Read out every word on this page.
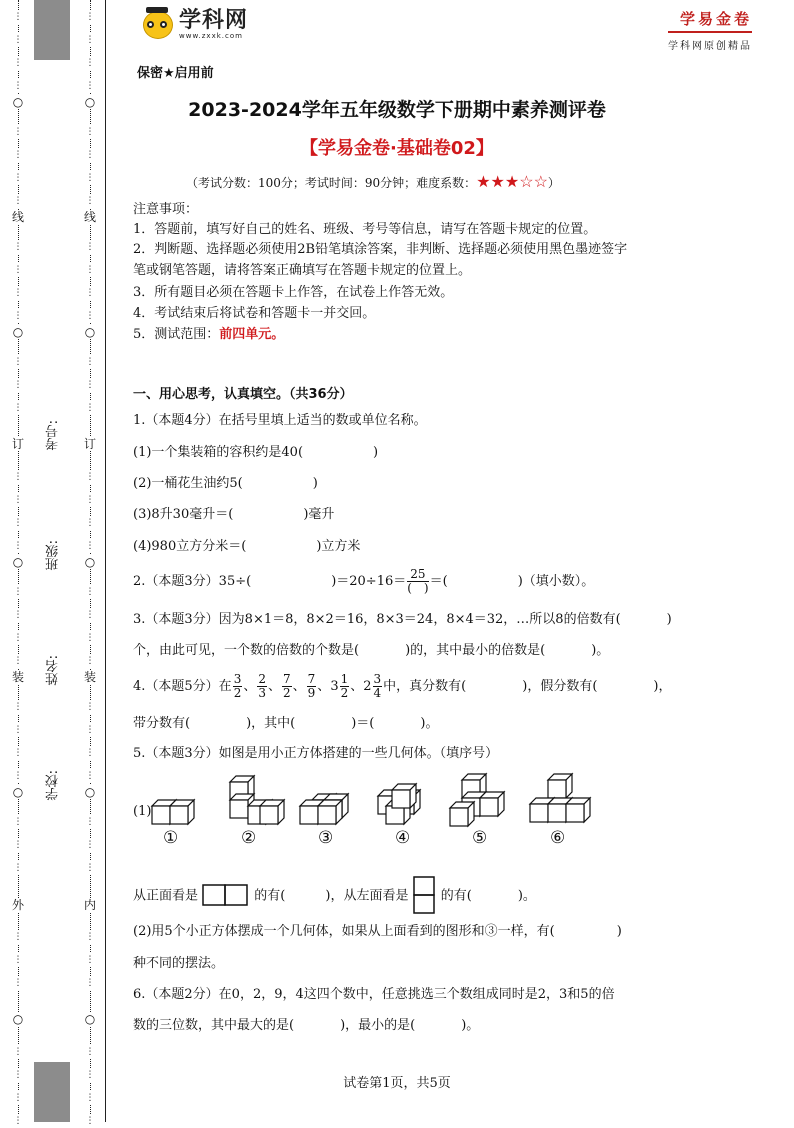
○
线
○
订
○
装
○
外
○
⋮
⋮
⋮
⋮
⋮
⋮
⋮
⋮
⋮
⋮
⋮
⋮
⋮
⋮
⋮
⋮
⋮
⋮
⋮
⋮
⋮
⋮
⋮
⋮
⋮
⋮
⋮
⋮
⋮
⋮
⋮
⋮
⋮
⋮
⋮
⋮
⋮
○
线
○
订
○
装
○
内
○
⋮
⋮
⋮
⋮
⋮
⋮
⋮
⋮
⋮
⋮
⋮
⋮
⋮
⋮
⋮
⋮
⋮
⋮
⋮
⋮
⋮
⋮
⋮
⋮
⋮
⋮
⋮
⋮
⋮
⋮
⋮
⋮
⋮
⋮
⋮
⋮
⋮
考号:
班级:
姓名:
学校:
学科网
www.zxxk.com
学易金卷
学科网原创精品
保密★启用前
2023-2024学年五年级数学下册期中素养测评卷
【学易金卷·基础卷02】
（考试分数：100分；考试时间：90分钟；难度系数：★★★☆☆）
注意事项：
1．答题前，填写好自己的姓名、班级、考号等信息，请写在答题卡规定的位置。
2．判断题、选择题必须使用2B铅笔填涂答案，非判断、选择题必须使用黑色墨迹签字
笔或钢笔答题，请将答案正确填写在答题卡规定的位置上。
3．所有题目必须在答题卡上作答，在试卷上作答无效。
4．考试结束后将试卷和答题卡一并交回。
5．测试范围：前四单元。
一、用心思考，认真填空。（共36分）
1.（本题4分）在括号里填上适当的数或单位名称。
(1)一个集装箱的容积约是40(	)
(2)一桶花生油约5(	)
(3)8升30毫升＝(	)毫升
(4)980立方分米＝(	)立方米
2.（本题3分）35÷(	)$=20\div 16= \frac{25}{( )}$ ＝(	)（填小数）。
3.（本题3分）因为8×1＝8，8×2＝16，8×3＝24，8×4＝32，…所以8的倍数有(	)
个，由此可见，一个数的倍数的个数是(	)的，其中最小的倍数是(	)。
4.（本题5分）在 $\frac{3}{2}$ 、 $\frac{2}{3}$ 、 $\frac{7}{2}$ 、 $\frac{7}{9}$ 、$3 \frac{1}{2}$ 、$2 \frac{3}{4}$ 中，真分数有(	)，假分数有(	)，
带分数有(	)，其中(	)＝(	)。
5.（本题3分）如图是用小正方体搭建的一些几何体。（填序号）
(1)
①	②	③	④	⑤	⑥
从正面看是	的有(	)，从左面看是 的有(	)。
(2)用5个小正方体摆成一个几何体，如果从上面看到的图形和③一样，有(	)
种不同的摆法。
6.（本题2分）在0，2，9，4这四个数中，任意挑选三个数组成同时是2，3和5的倍
数的三位数，其中最大的是(	)，最小的是(	)。
试卷第1页，共5页
